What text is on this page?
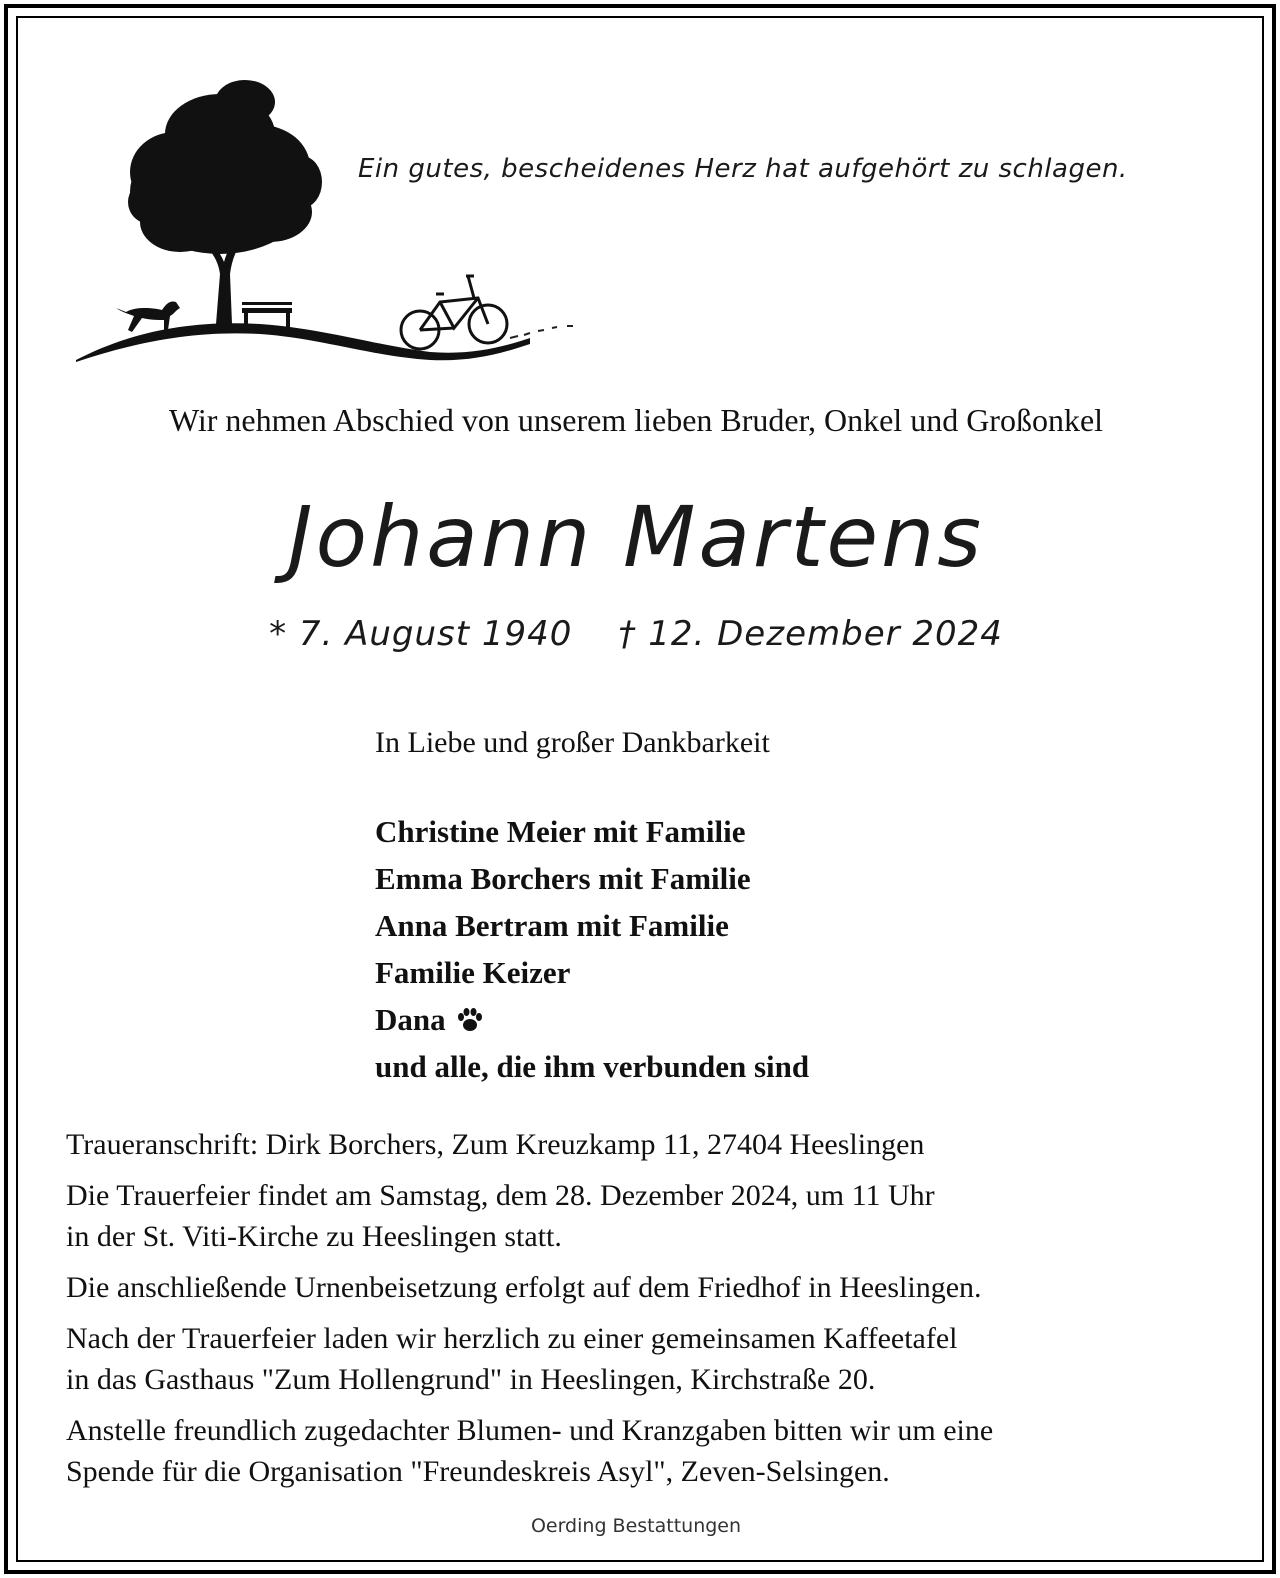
Ein gutes, bescheidenes Herz hat aufgehört zu schlagen.
Wir nehmen Abschied von unserem lieben Bruder, Onkel und Großonkel
Johann Martens
* 7. August 1940 † 12. Dezember 2024
In Liebe und großer Dankbarkeit
Christine Meier mit Familie
Emma Borchers mit Familie
Anna Bertram mit Familie
Familie Keizer
Dana
und alle, die ihm verbunden sind

Traueranschrift: Dirk Borchers, Zum Kreuzkamp 11, 27404 Heeslingen

Die Trauerfeier findet am Samstag, dem 28. Dezember 2024, um 11 Uhr
in der St. Viti-Kirche zu Heeslingen statt.

Die anschließende Urnenbeisetzung erfolgt auf dem Friedhof in Heeslingen.

Nach der Trauerfeier laden wir herzlich zu einer gemeinsamen Kaffeetafel
in das Gasthaus "Zum Hollengrund" in Heeslingen, Kirchstraße 20.

Anstelle freundlich zugedachter Blumen- und Kranzgaben bitten wir um eine
Spende für die Organisation "Freundeskreis Asyl", Zeven-Selsingen.

Oerding Bestattungen
